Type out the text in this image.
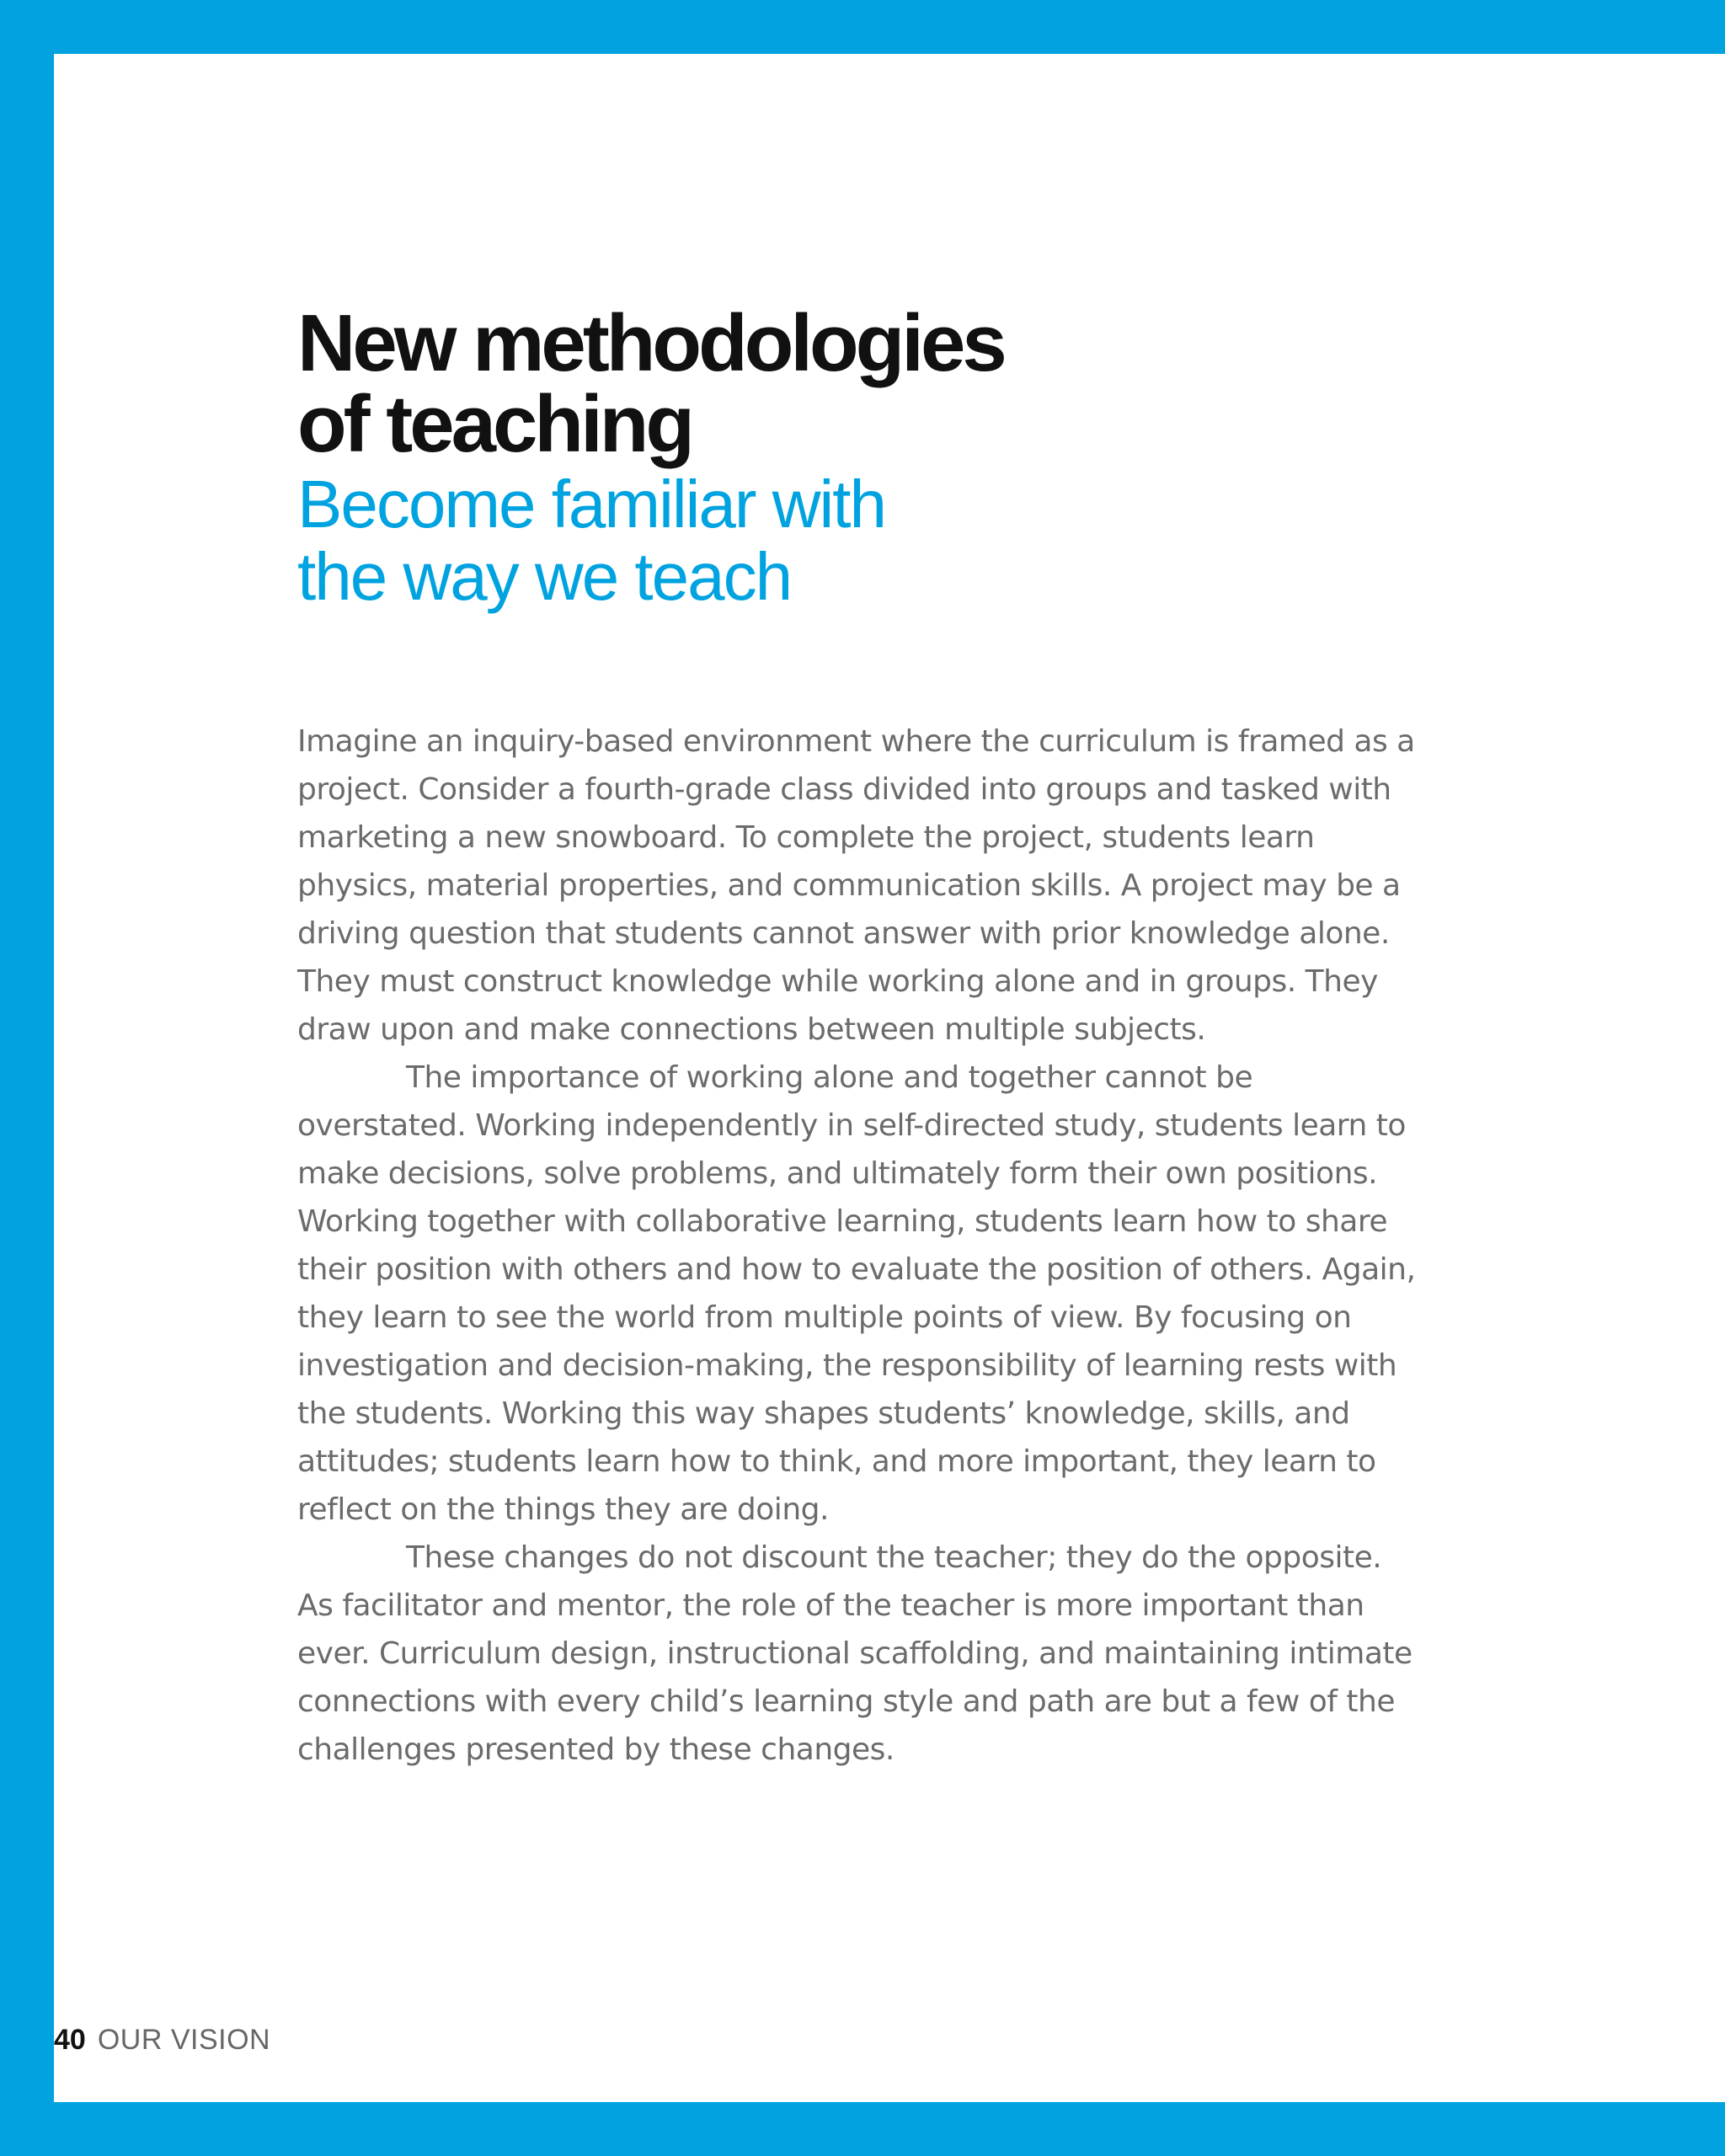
New methodologies
of teaching
Become familiar with
the way we teach

Imagine an inquiry-based environment where the curriculum is framed as a project. Consider a fourth-grade class divided into groups and tasked with marketing a new snowboard. To complete the project, students learn physics, material properties, and communication skills. A project may be a driving question that students cannot answer with prior knowledge alone. They must construct knowledge while working alone and in groups. They draw upon and make connections between multiple subjects.

The importance of working alone and together cannot be overstated. Working independently in self-directed study, students learn to make decisions, solve problems, and ultimately form their own positions. Working together with collaborative learning, students learn how to share their position with others and how to evaluate the position of others. Again, they learn to see the world from multiple points of view. By focusing on investigation and decision-making, the responsibility of learning rests with the students. Working this way shapes students’ knowledge, skills, and attitudes; students learn how to think, and more important, they learn to reflect on the things they are doing.

These changes do not discount the teacher; they do the opposite. As facilitator and mentor, the role of the teacher is more important than ever. Curriculum design, instructional scaffolding, and maintaining intimate connections with every child’s learning style and path are but a few of the challenges presented by these changes.

40 OUR VISION
